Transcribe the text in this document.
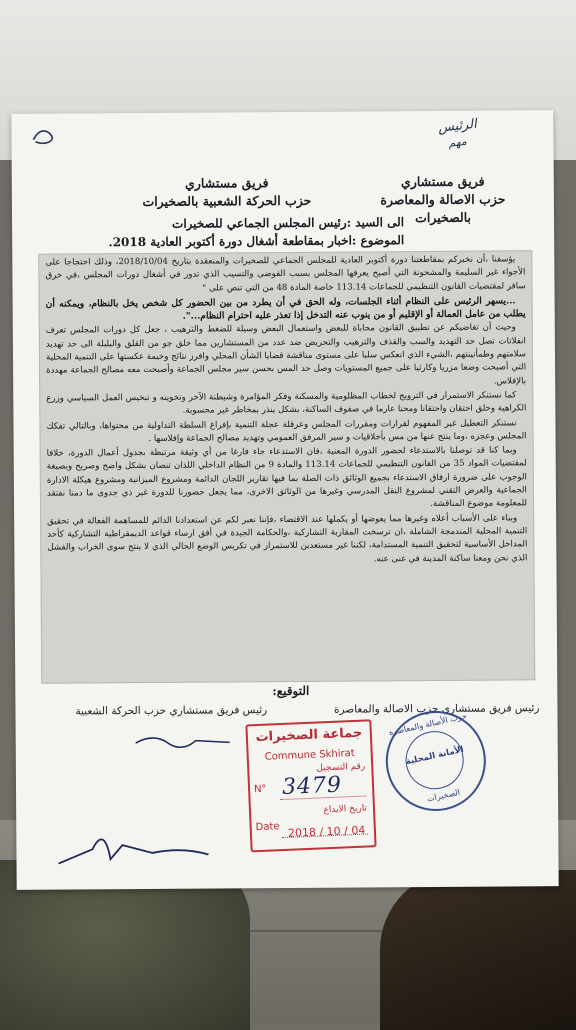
الرئيس
مهم
فريق مستشاري
حزب الاصالة والمعاصرة بالصخيرات
فريق مستشاري
حزب الحركة الشعبية بالصخيرات
الى السيد :رئيس المجلس الجماعي للصخيرات
الموضوع :اخبار بمقاطعة أشغال دورة أكتوبر العادية 2018.

يؤسفنا ،أن نخبركم بمقاطعتنا دورة أكتوبر العادية للمجلس الجماعي للصخيرات والمنعقدة بتاريخ 2018/10/04، وذلك احتجاجا على الأجواء غير السليمة والمشحونة التي أصبح يعرفها المجلس بسبب الفوضى والتسيب الذي تدور في أشغال دورات المجلس ،في خرق سافر لمقتضيات القانون التنظيمي للجماعات 113.14 خاصة المادة 48 من التي تنص على "

...يسهر الرئيس على النظام أثناء الجلسات، وله الحق في أن يطرد من بين الحضور كل شخص يخل بالنظام، ويمكنه أن يطلب من عامل العمالة أو الإقليم أو من ينوب عنه التدخل إذا تعذر عليه احترام النظام...".

وحيث أن تغاضيكم عن تطبيق القانون محاباة للبعض واستعمال البعض وسيلة للضغط والترهيب ، جعل كل دورات المجلس تعرف انفلاتات تصل حد التهديد والسب والقذف والترهيب والتحريض ضد عدد من المستشارين مما خلق جو من القلق والبلبلة الى حد تهديد سلامتهم وطمأنينتهم ،الشيء الذي انعكس سلبا على مستوى مناقشة قضايا الشأن المحلي وافرز نتائج وخيمة عكستها على التنمية المحلية التي أصبحت وضعا مزريا وكارثيا على جميع المستويات وصل حد المس بحسن سير مجلس الجماعة وأصبحت معه مصالح الجماعة مهددة بالإفلاس.

كما نستنكر الاستمرار في الترويج لخطاب المظلومية والمسكنة وفكر المؤامرة وشيطنة الآخر وتخوينه و تبخيس العمل السياسي وزرع الكراهية وخلق احتقان واحتقانا ومحنا عارما في صفوف الساكنة، بشكل ينذر بمخاطر غير محسوبة.

نستنكر التعطيل غير المفهوم لقرارات ومقررات المجلس وعرقلة عجلة التنمية بإفراغ السلطة التداولية من محتواها، وبالتالي تفكك المجلس وعجزه ،وما ينتج عنها من مس بأخلاقيات و سير المرفق العمومي وتهديد مصالح الجماعة وإفلاسها .

وبما كنا قد توصلنا بالاستدعاء لحضور الدورة المعنية ،فان الاستدعاء جاء فارغا من أي وثيقة مرتبطة بجدول أعمال الدورة، خلافا لمقتضيات المواد 35 من القانون التنظيمي للجماعات 113.14 والمادة 9 من النظام الداخلي اللذان تنصان بشكل واضح وصريح وبصيغة الوجوب على ضرورة ارفاق الاستدعاء بجميع الوثائق ذات الصلة بما فيها تقارير اللجان الدائمة ومشروع الميزانية ومشروع هيكلة الادارة الجماعية والعرض التقني لمشروع النقل المدرسي وغيرها من الوثائق الاخرى، مما يجعل حضورنا للدورة غير ذي جدوى ما دمنا نفتقد للمعلومة موضوع المناقشة.

وبناء على الأسباب أعلاه وغيرها مما يعوضها أو يكملها عند الاقتضاء ،فإننا نعبر لكم عن استعدادنا الدائم للمساهمة الفعالة في تحقيق التنمية المحلية المندمجة الشاملة ،ان ترسخت المقاربة التشاركية ،والحكامة الجيدة في أفق ارساء قواعد الديمقراطية التشاركية كأحد المداخل الأساسية لتحقيق التنمية المستدامة، لكننا غير مستعدين للاستمرار في تكريس الوضع الحالي الذي لا ينتج سوى الخراب والفشل الذي نحن ومعنا ساكنة المدينة في غنى عنه.

التوقيع:
رئيس فريق مستشاري حزب الاصالة والمعاصرة
رئيس فريق مستشاري حزب الحركة الشعبية
جماعة الصخيرات
Commune Skhirat
رقم التسجيل
N° 3479
تاريخ الايداع
Date 2018 / 10 / 04
حزب الأصالة والمعاصرة
الأمانة المحلية
الصخيرات
